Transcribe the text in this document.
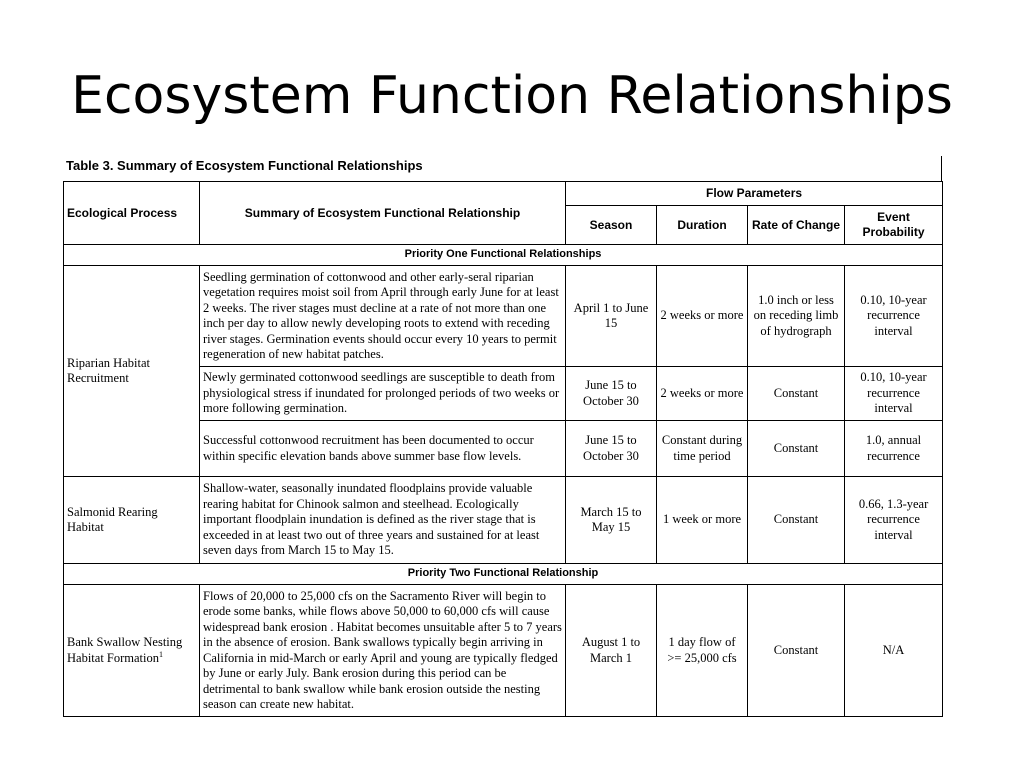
Ecosystem Function Relationships
Table 3. Summary of Ecosystem Functional Relationships
Ecological Process	Summary of Ecosystem Functional Relationship	Flow Parameters			
		Season	Duration	Rate of Change	Event Probability
Priority One Functional Relationships					
Riparian Habitat Recruitment	Seedling germination of cottonwood and other early-seral riparian vegetation requires moist soil from April through early June for at least 2 weeks. The river stages must decline at a rate of not more than one inch per day to allow newly developing roots to extend with receding river stages. Germination events should occur every 10 years to permit regeneration of new habitat patches.	April 1 to June 15	2 weeks or more	1.0 inch or less on receding limb of hydrograph	0.10, 10-year recurrence interval
	Newly germinated cottonwood seedlings are susceptible to death from physiological stress if inundated for prolonged periods of two weeks or more following germination.	June 15 to October 30	2 weeks or more	Constant	0.10, 10-year recurrence interval
	Successful cottonwood recruitment has been documented to occur within specific elevation bands above summer base flow levels.	June 15 to October 30	Constant during time period	Constant	1.0, annual recurrence
Salmonid Rearing Habitat	Shallow-water, seasonally inundated floodplains provide valuable rearing habitat for Chinook salmon and steelhead. Ecologically important floodplain inundation is defined as the river stage that is exceeded in at least two out of three years and sustained for at least seven days from March 15 to May 15.	March 15 to May 15	1 week or more	Constant	0.66, 1.3-year recurrence interval
Priority Two Functional Relationship					
Bank Swallow Nesting Habitat Formation$^1$	Flows of 20,000 to 25,000 cfs on the Sacramento River will begin to erode some banks, while flows above 50,000 to 60,000 cfs will cause widespread bank erosion . Habitat becomes unsuitable after 5 to 7 years in the absence of erosion. Bank swallows typically begin arriving in California in mid-March or early April and young are typically fledged by June or early July. Bank erosion during this period can be detrimental to bank swallow while bank erosion outside the nesting season can create new habitat.	August 1 to March 1	1 day flow of >= 25,000 cfs	Constant	N/A
